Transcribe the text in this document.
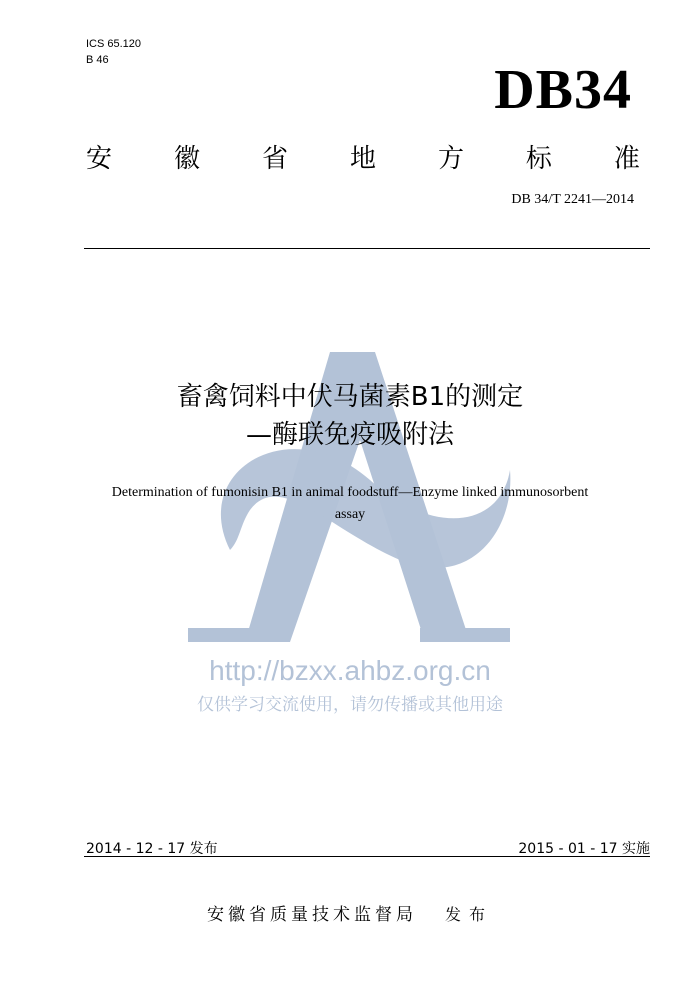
ICS 65.120
B 46	DB34
安 徽 省 地 方 标 准
DB 34/T 2241—2014
http://bzxx.ahbz.org.cn
仅供学习交流使用，请勿传播或其他用途
畜禽饲料中伏马菌素B1的测定
—酶联免疫吸附法
Determination of fumonisin B1 in animal foodstuff—Enzyme linked immunosorbent
assay
2014 - 12 - 17 发布	2015 - 01 - 17 实施
安徽省质量技术监督局 发布
